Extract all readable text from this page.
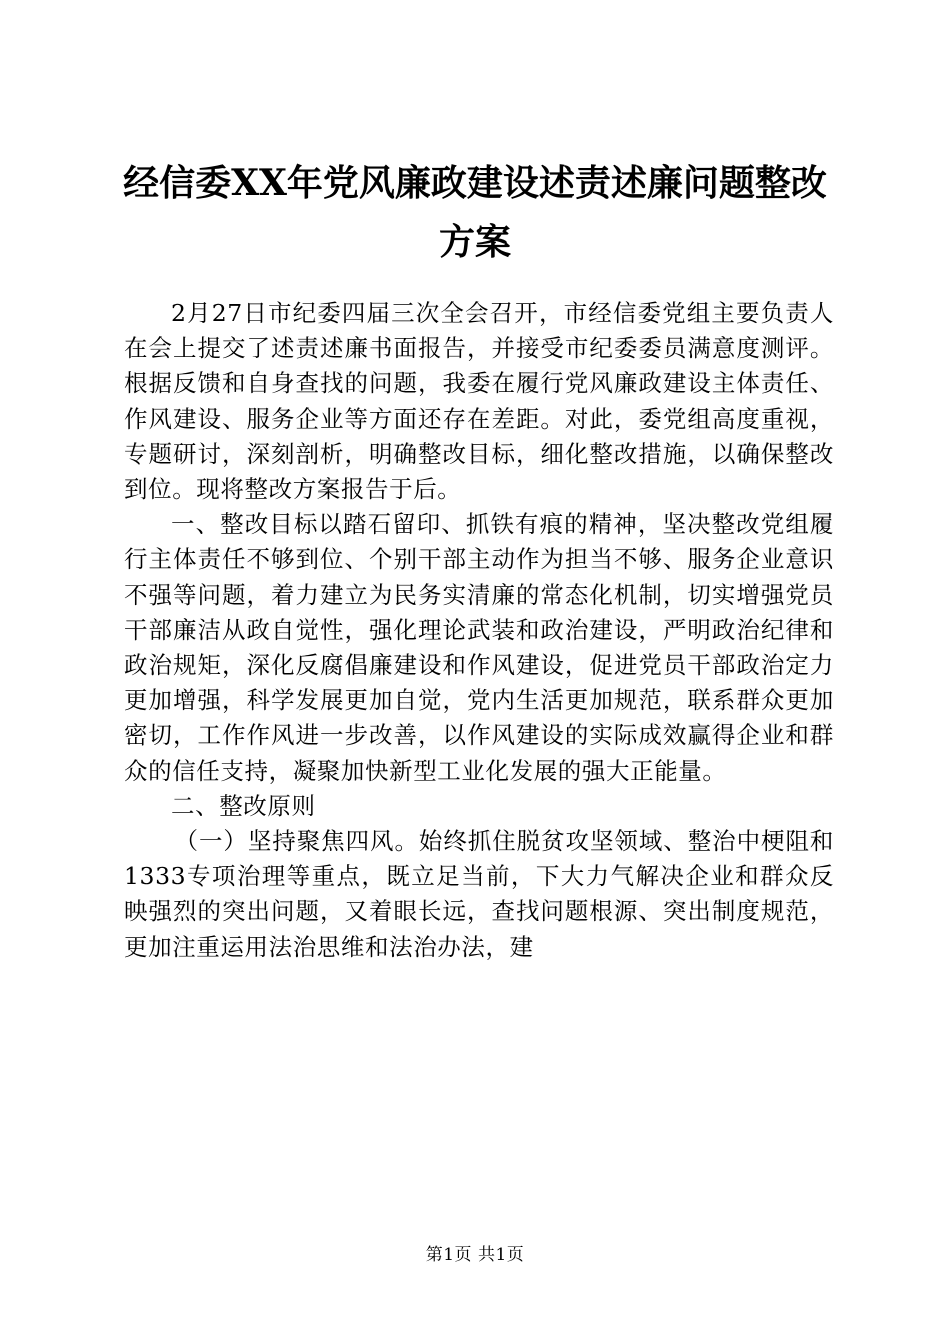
经信委XX年党风廉政建设述责述廉问题整改
方案

2月27日市纪委四届三次全会召开，市经信委党组主要负责人在会上提交了述责述廉书面报告，并接受市纪委委员满意度测评。根据反馈和自身查找的问题，我委在履行党风廉政建设主体责任、作风建设、服务企业等方面还存在差距。对此，委党组高度重视，专题研讨，深刻剖析，明确整改目标，细化整改措施，以确保整改到位。现将整改方案报告于后。

一、整改目标以踏石留印、抓铁有痕的精神，坚决整改党组履行主体责任不够到位、个别干部主动作为担当不够、服务企业意识不强等问题，着力建立为民务实清廉的常态化机制，切实增强党员干部廉洁从政自觉性，强化理论武装和政治建设，严明政治纪律和政治规矩，深化反腐倡廉建设和作风建设，促进党员干部政治定力更加增强，科学发展更加自觉，党内生活更加规范，联系群众更加密切，工作作风进一步改善，以作风建设的实际成效赢得企业和群众的信任支持，凝聚加快新型工业化发展的强大正能量。

二、整改原则

（一）坚持聚焦四风。始终抓住脱贫攻坚领域、整治中梗阻和1333专项治理等重点，既立足当前，下大力气解决企业和群众反映强烈的突出问题，又着眼长远，查找问题根源、突出制度规范，更加注重运用法治思维和法治办法，建

第1页 共1页
